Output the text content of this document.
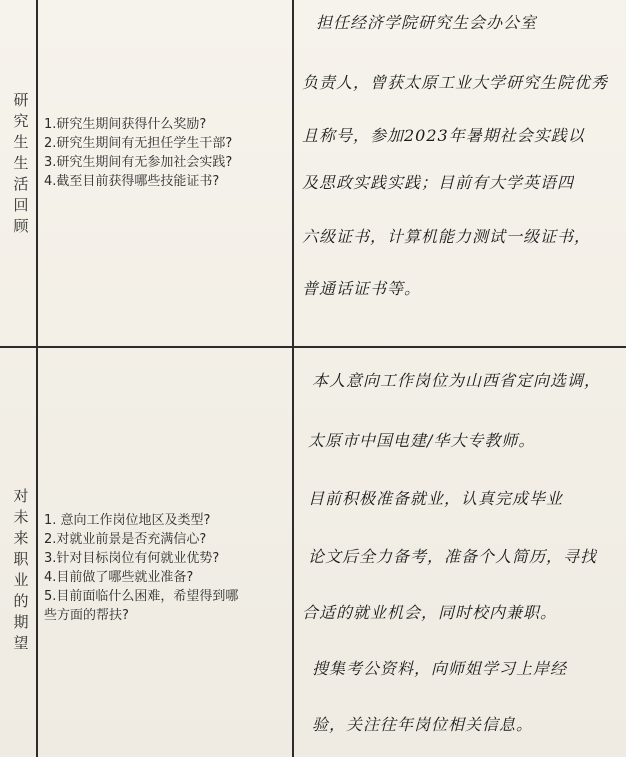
研
究
生
生
活
回
顾
1.研究生期间获得什么奖励?
2.研究生期间有无担任学生干部?
3.研究生期间有无参加社会实践?
4.截至目前获得哪些技能证书?
担任经济学院研究生会办公室
负责人，曾获太原工业大学研究生院优秀
且称号，参加2023年暑期社会实践以
及思政实践实践；目前有大学英语四
六级证书，计算机能力测试一级证书，
普通话证书等。
对
未
来
职
业
的
期
望
1. 意向工作岗位地区及类型?
2.对就业前景是否充满信心?
3.针对目标岗位有何就业优势?
4.目前做了哪些就业准备?
5.目前面临什么困难，希望得到哪
些方面的帮扶?
本人意向工作岗位为山西省定向选调，
太原市中国电建/华大专教师。
目前积极准备就业，认真完成毕业
论文后全力备考，准备个人简历，寻找
合适的就业机会，同时校内兼职。
搜集考公资料，向师姐学习上岸经
验，关注往年岗位相关信息。
